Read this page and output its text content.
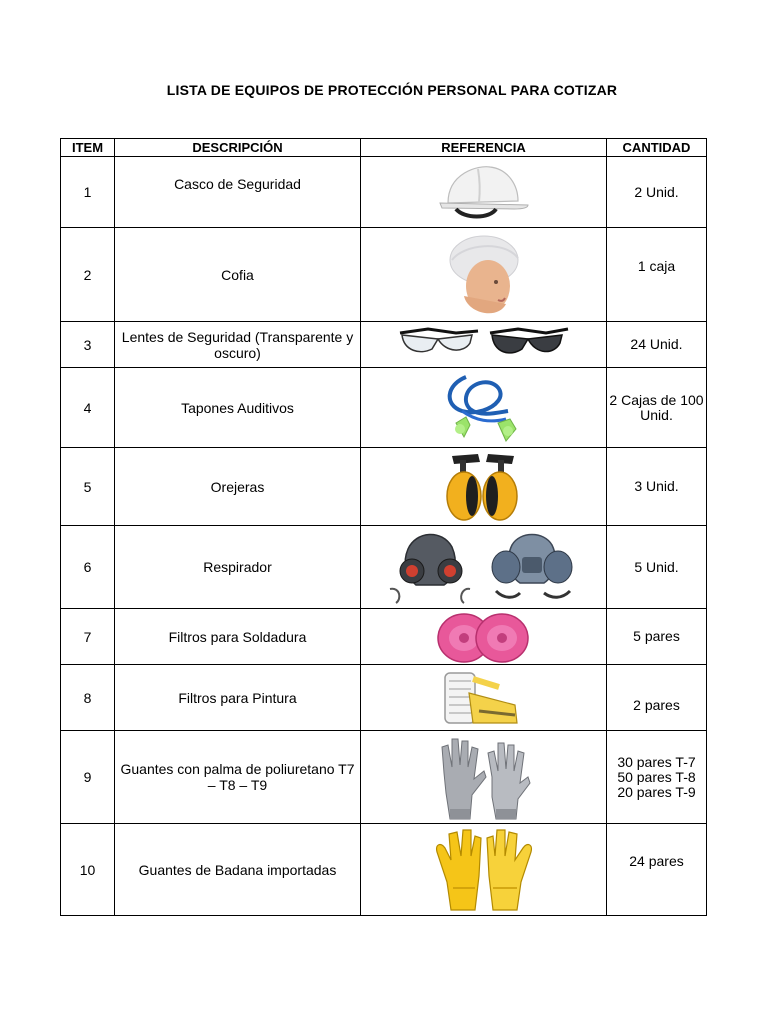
LISTA DE EQUIPOS DE PROTECCIÓN PERSONAL PARA COTIZAR
ITEM	DESCRIPCIÓN	REFERENCIA	CANTIDAD
1	Casco de Seguridad		2 Unid.
2	Cofia		1 caja
3	Lentes de Seguridad (Transparente y oscuro)		24 Unid.
4	Tapones Auditivos		2 Cajas de 100 Unid.
5	Orejeras		3 Unid.
6	Respirador		5 Unid.
7	Filtros para Soldadura		5 pares
8	Filtros para Pintura		2 pares
9	Guantes con palma de poliuretano T7 – T8 – T9		30 pares T-7
50 pares T-8
20 pares T-9

10	Guantes de Badana importadas		24 pares
